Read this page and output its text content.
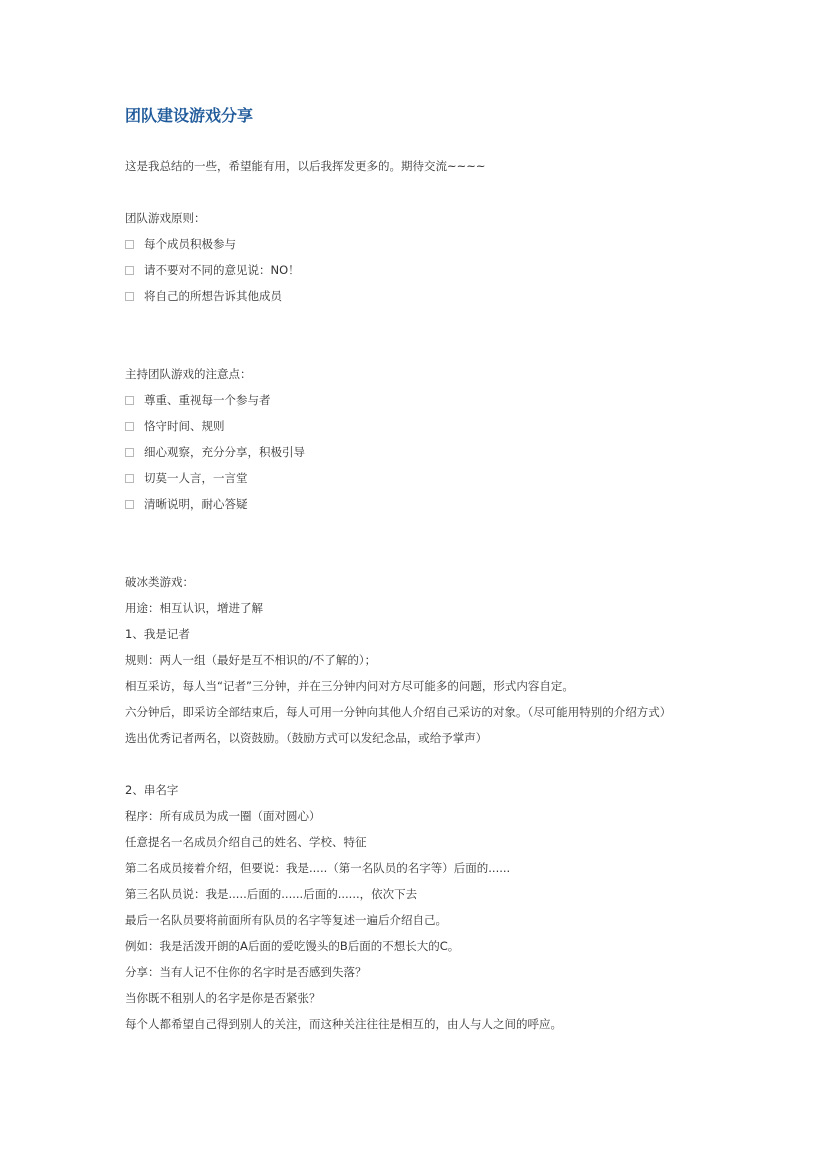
团队建设游戏分享
这是我总结的一些，希望能有用，以后我挥发更多的。期待交流~~~~
团队游戏原则：
每个成员积极参与
请不要对不同的意见说：NO！
将自己的所想告诉其他成员
主持团队游戏的注意点：
尊重、重视每一个参与者
恪守时间、规则
细心观察，充分分享，积极引导
切莫一人言，一言堂
清晰说明，耐心答疑
破冰类游戏：
用途：相互认识，增进了解
1、我是记者
规则：两人一组（最好是互不相识的/不了解的）；
相互采访，每人当“记者”三分钟，并在三分钟内问对方尽可能多的问题，形式内容自定。
六分钟后，即采访全部结束后，每人可用一分钟向其他人介绍自己采访的对象。（尽可能用特别的介绍方式）
选出优秀记者两名，以资鼓励。（鼓励方式可以发纪念品，或给予掌声）
2、串名字
程序：所有成员为成一圈（面对圆心）
任意提名一名成员介绍自己的姓名、学校、特征
第二名成员接着介绍，但要说：我是.....（第一名队员的名字等）后面的......
第三名队员说：我是.....后面的......后面的......，依次下去
最后一名队员要将前面所有队员的名字等复述一遍后介绍自己。
例如：我是活泼开朗的A后面的爱吃馒头的B后面的不想长大的C。
分享：当有人记不住你的名字时是否感到失落？
当你既不租别人的名字是你是否紧张？
每个人都希望自己得到别人的关注，而这种关注往往是相互的，由人与人之间的呼应。
